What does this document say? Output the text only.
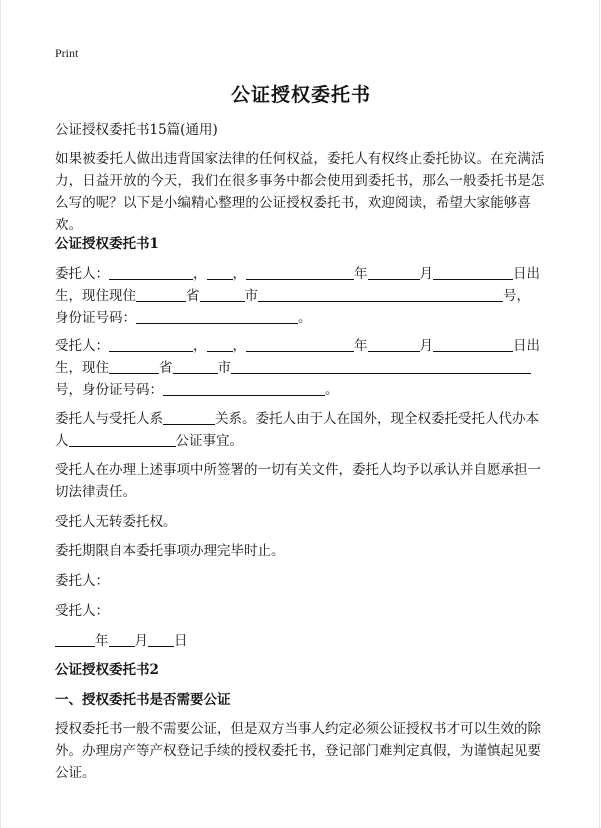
Print
公证授权委托书
公证授权委托书15篇(通用)
如果被委托人做出违背国家法律的任何权益，委托人有权终止委托协议。在充满活力，日益开放的今天，我们在很多事务中都会使用到委托书，那么一般委托书是怎么写的呢？以下是小编精心整理的公证授权委托书，欢迎阅读，希望大家能够喜欢。
公证授权委托书1
委托人：	， ，	年	月	日出
生，现住现住	省	市	号，
身份证号码：	。
受托人：	， ，	年	月	日出
生，现住	省	市
号，身份证号码：	。
委托人与受托人系	关系。委托人由于人在国外，现全权委托受托人代办本
人	公证事宜。
受托人在办理上述事项中所签署的一切有关文件，委托人均予以承认并自愿承担一切法律责任。
受托人无转委托权。
委托期限自本委托事项办理完毕时止。
委托人：
受托人：
年 月 日
公证授权委托书2
一、授权委托书是否需要公证
授权委托书一般不需要公证，但是双方当事人约定必须公证授权书才可以生效的除外。办理房产等产权登记手续的授权委托书，登记部门难判定真假，为谨慎起见要公证。
